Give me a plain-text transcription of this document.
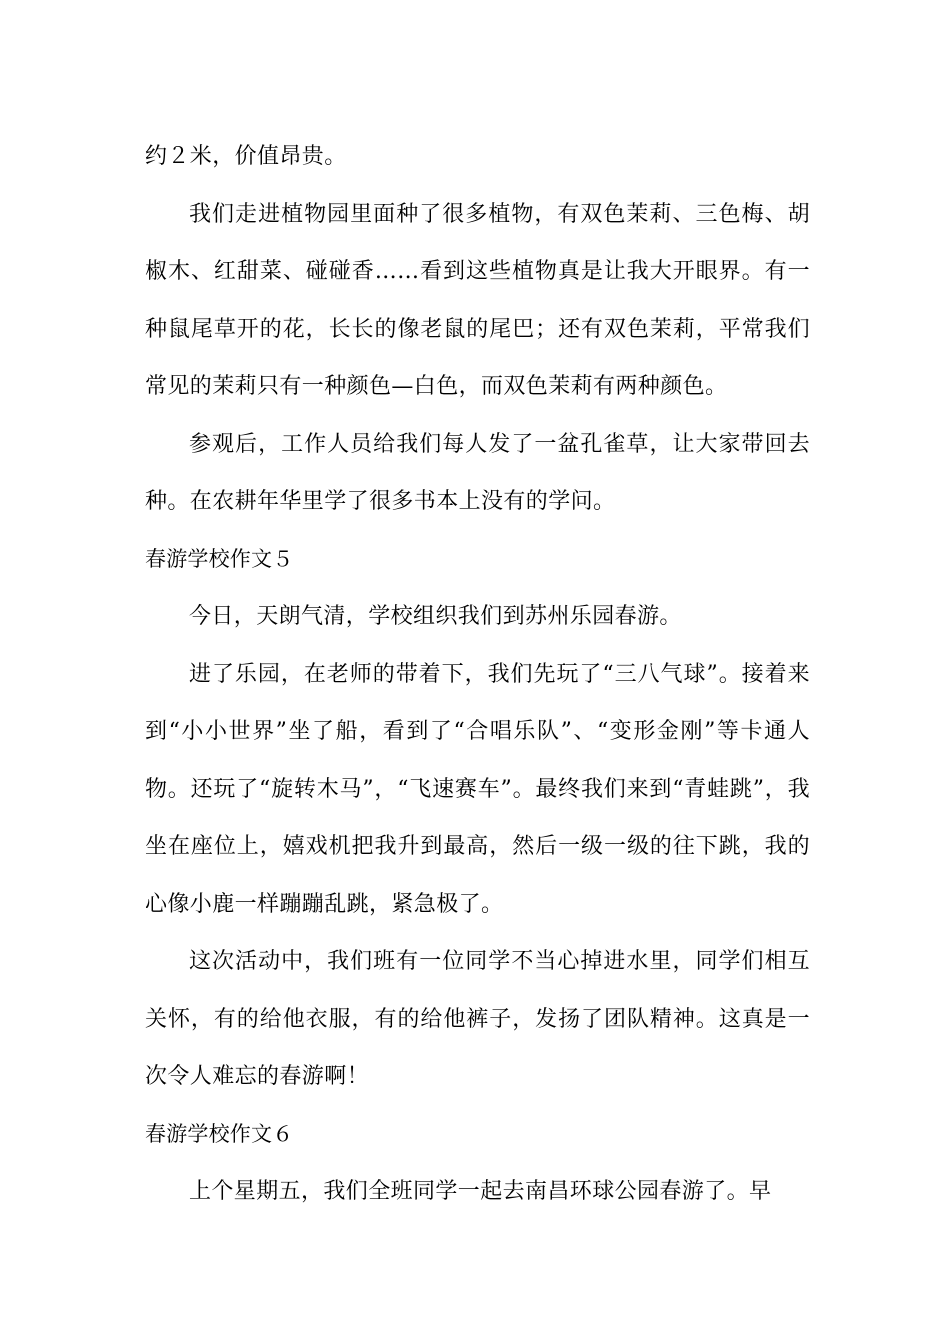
约２米，价值昂贵。

我们走进植物园里面种了很多植物，有双色茉莉、三色梅、胡椒木、红甜菜、碰碰香……看到这些植物真是让我大开眼界。有一种鼠尾草开的花，长长的像老鼠的尾巴；还有双色茉莉，平常我们常见的茉莉只有一种颜色—白色，而双色茉莉有两种颜色。

参观后，工作人员给我们每人发了一盆孔雀草，让大家带回去种。在农耕年华里学了很多书本上没有的学问。

春游学校作文５

今日，天朗气清，学校组织我们到苏州乐园春游。

进了乐园，在老师的带着下，我们先玩了“三八气球”。接着来到“小小世界”坐了船，看到了“合唱乐队”、“变形金刚”等卡通人物。还玩了“旋转木马”，“飞速赛车”。最终我们来到“青蛙跳”，我坐在座位上，嬉戏机把我升到最高，然后一级一级的往下跳，我的心像小鹿一样蹦蹦乱跳，紧急极了。

这次活动中，我们班有一位同学不当心掉进水里，同学们相互关怀，有的给他衣服，有的给他裤子，发扬了团队精神。这真是一次令人难忘的春游啊！

春游学校作文６

上个星期五，我们全班同学一起去南昌环球公园春游了。早
